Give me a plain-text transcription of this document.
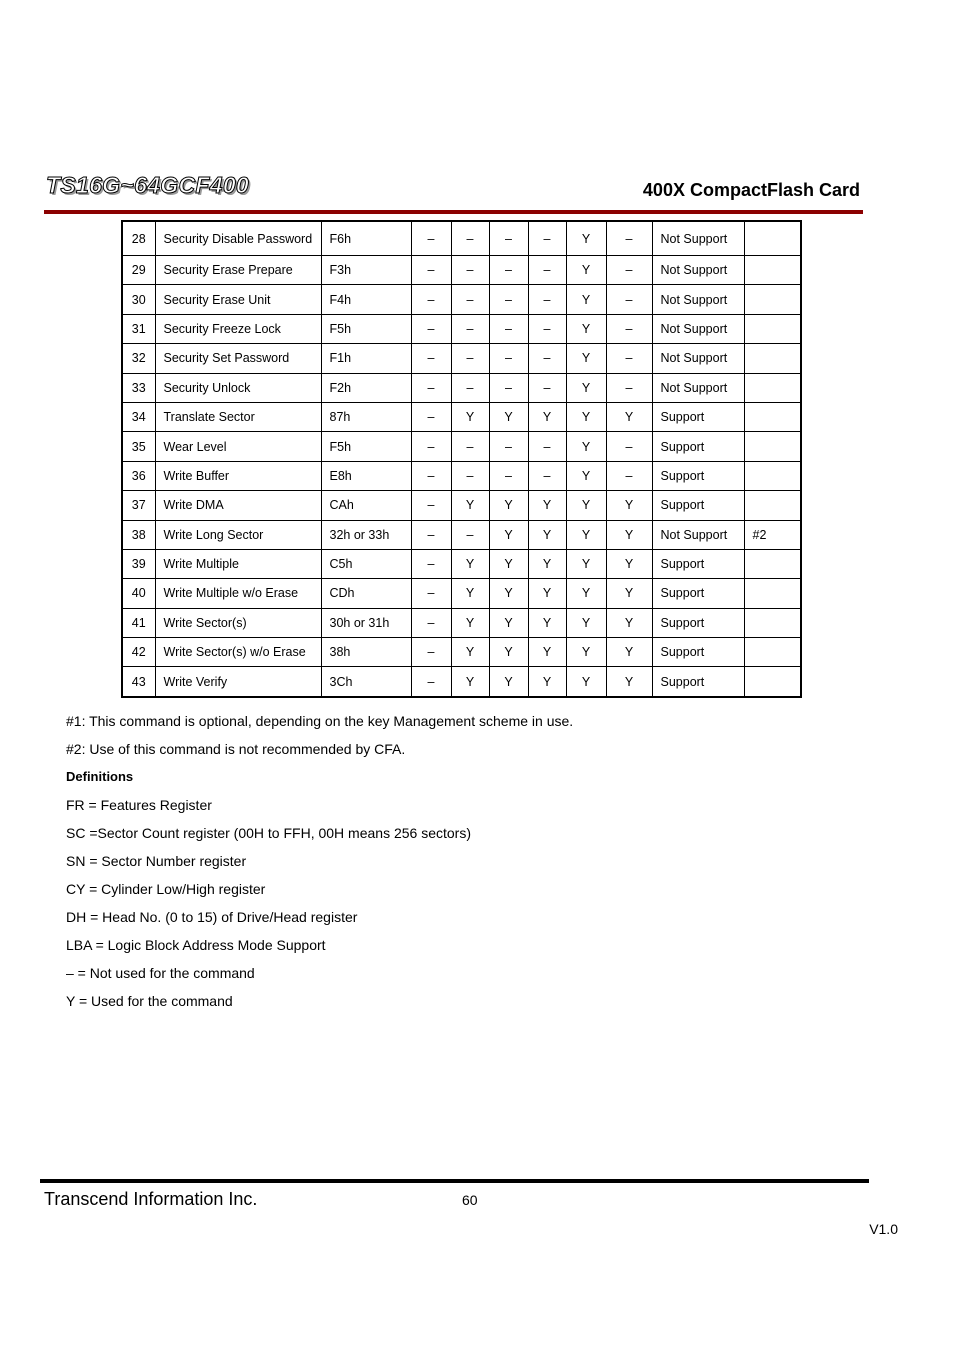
TS16G~64GCF400	400X CompactFlash Card
28	Security Disable Password	F6h	–	–	–	–	Y	–	Not Support	
29	Security Erase Prepare	F3h	–	–	–	–	Y	–	Not Support	
30	Security Erase Unit	F4h	–	–	–	–	Y	–	Not Support	
31	Security Freeze Lock	F5h	–	–	–	–	Y	–	Not Support	
32	Security Set Password	F1h	–	–	–	–	Y	–	Not Support	
33	Security Unlock	F2h	–	–	–	–	Y	–	Not Support	
34	Translate Sector	87h	–	Y	Y	Y	Y	Y	Support	
35	Wear Level	F5h	–	–	–	–	Y	–	Support	
36	Write Buffer	E8h	–	–	–	–	Y	–	Support	
37	Write DMA	CAh	–	Y	Y	Y	Y	Y	Support	
38	Write Long Sector	32h or 33h	–	–	Y	Y	Y	Y	Not Support	#2
39	Write Multiple	C5h	–	Y	Y	Y	Y	Y	Support	
40	Write Multiple w/o Erase	CDh	–	Y	Y	Y	Y	Y	Support	
41	Write Sector(s)	30h or 31h	–	Y	Y	Y	Y	Y	Support	
42	Write Sector(s) w/o Erase	38h	–	Y	Y	Y	Y	Y	Support	
43	Write Verify	3Ch	–	Y	Y	Y	Y	Y	Support	

#1: This command is optional, depending on the key Management scheme in use.

#2: Use of this command is not recommended by CFA.

Definitions

FR = Features Register

SC =Sector Count register (00H to FFH, 00H means 256 sectors)

SN = Sector Number register

CY = Cylinder Low/High register

DH = Head No. (0 to 15) of Drive/Head register

LBA = Logic Block Address Mode Support

– = Not used for the command

Y = Used for the command

Transcend Information Inc.	60
V1.0
